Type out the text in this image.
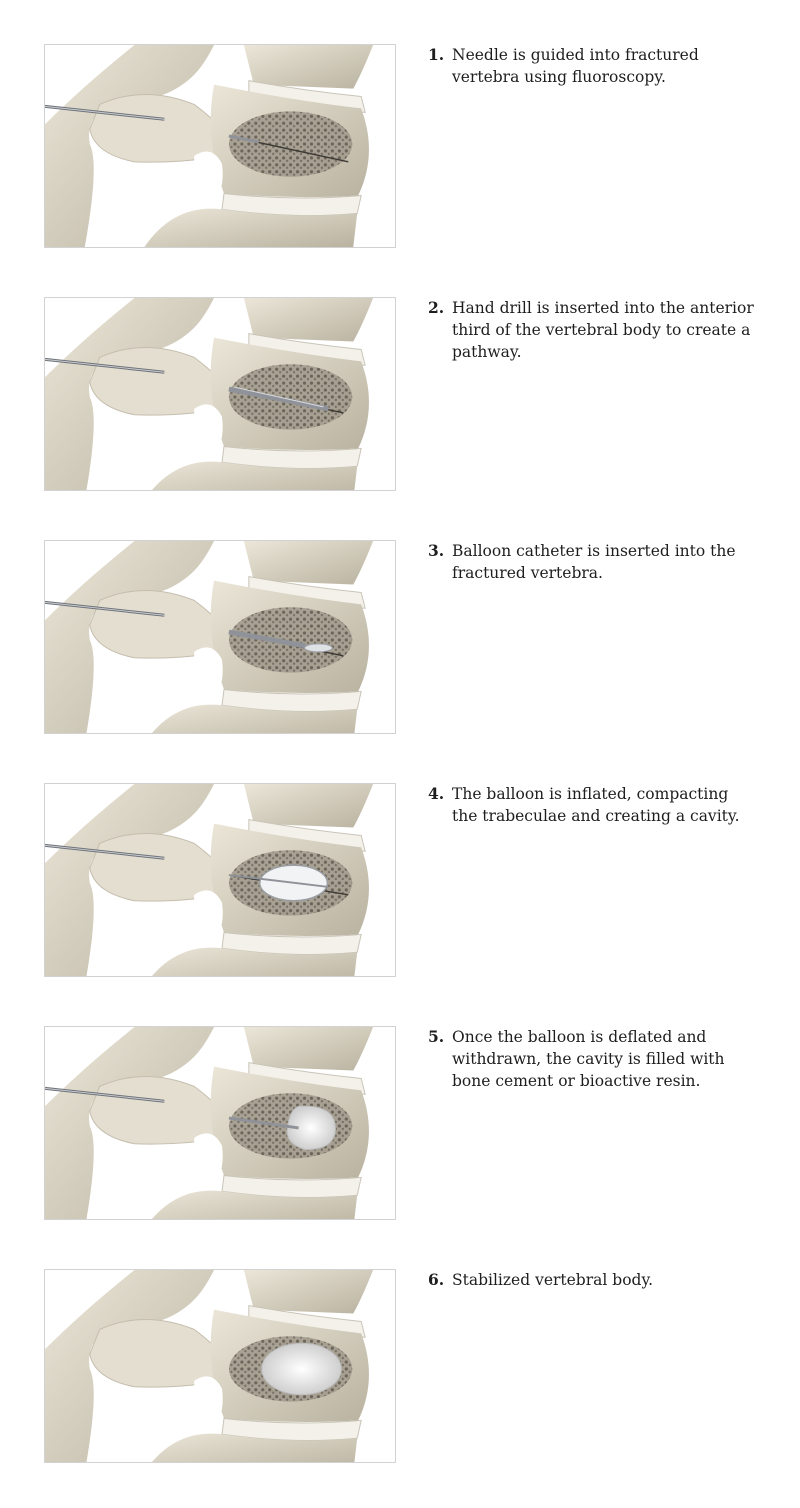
1. Needle is guided into fractured vertebra using fluoroscopy.
2. Hand drill is inserted into the anterior third of the vertebral body to create a pathway.
3. Balloon catheter is inserted into the fractured vertebra.
4. The balloon is inflated, compacting the trabeculae and creating a cavity.
5. Once the balloon is deflated and withdrawn, the cavity is filled with bone cement or bioactive resin.
6. Stabilized vertebral body.
